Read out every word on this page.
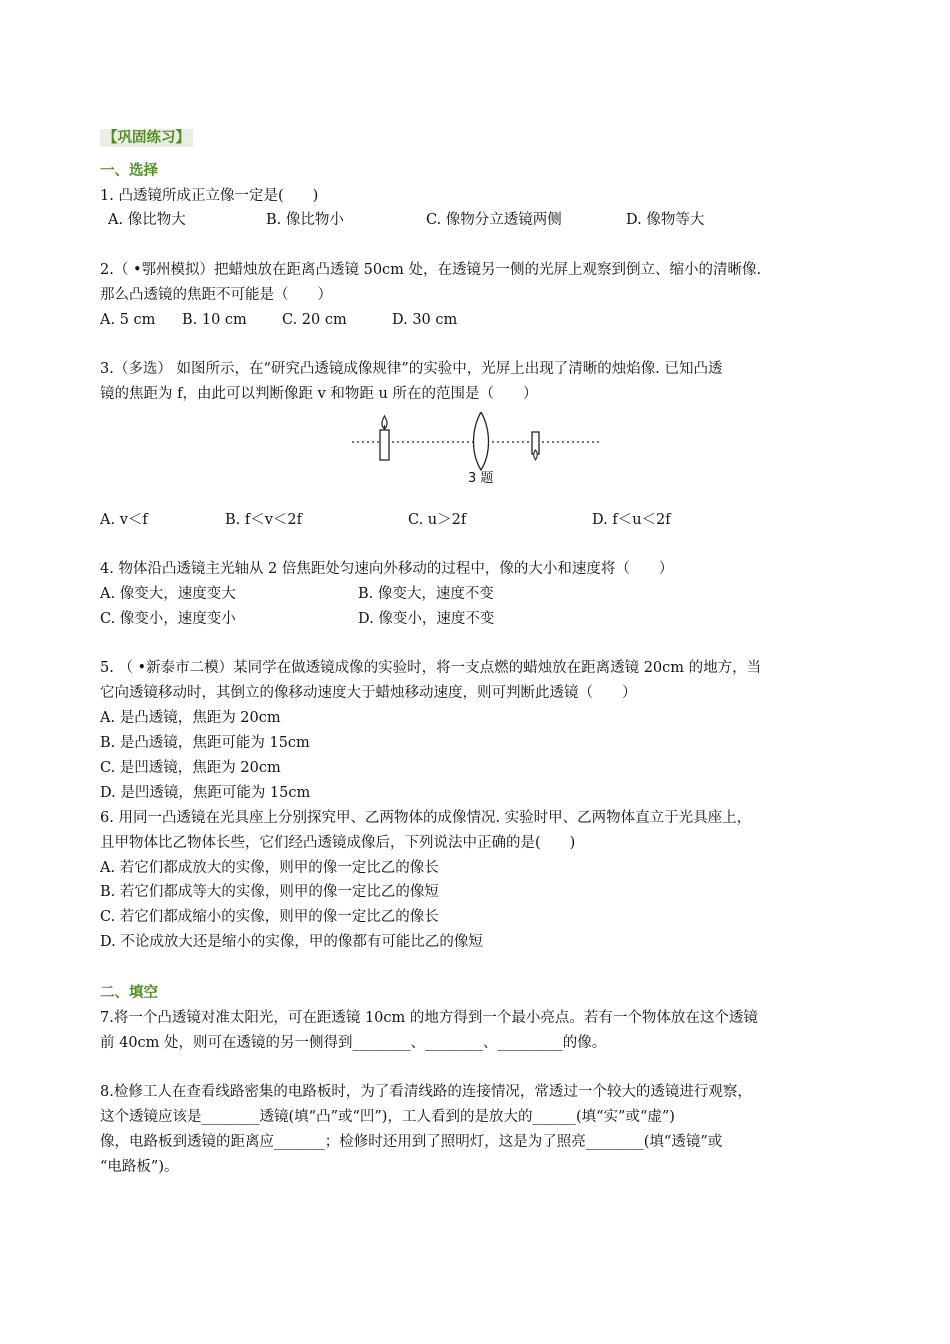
【巩固练习】
一、选择
1. 凸透镜所成正立像一定是(　　)
A. 像比物大	B. 像比物小	C. 像物分立透镜两侧	D. 像物等大
2.（ •鄂州模拟）把蜡烛放在距离凸透镜 50cm 处，在透镜另一侧的光屏上观察到倒立、缩小的清晰像.
那么凸透镜的焦距不可能是（　　）
A. 5 cm B. 10 cm C. 20 cm	D. 30 cm
3.（多选） 如图所示，在“研究凸透镜成像规律”的实验中，光屏上出现了清晰的烛焰像. 已知凸透
镜的焦距为 f，由此可以判断像距 v 和物距 u 所在的范围是（　　）
3 题
A. v＜f	B. f＜v＜2f	C. u＞2f	D. f＜u＜2f
4. 物体沿凸透镜主光轴从 2 倍焦距处匀速向外移动的过程中，像的大小和速度将（　　）
A. 像变大，速度变大	B. 像变大，速度不变
C. 像变小，速度变小	D. 像变小，速度不变
5. （ •新泰市二模）某同学在做透镜成像的实验时，将一支点燃的蜡烛放在距离透镜 20cm 的地方，当
它向透镜移动时，其倒立的像移动速度大于蜡烛移动速度，则可判断此透镜（　　）
A. 是凸透镜，焦距为 20cm
B. 是凸透镜，焦距可能为 15cm
C. 是凹透镜，焦距为 20cm
D. 是凹透镜，焦距可能为 15cm
6. 用同一凸透镜在光具座上分别探究甲、乙两物体的成像情况. 实验时甲、乙两物体直立于光具座上，
且甲物体比乙物体长些，它们经凸透镜成像后，下列说法中正确的是(　　)
A. 若它们都成放大的实像，则甲的像一定比乙的像长
B. 若它们都成等大的实像，则甲的像一定比乙的像短
C. 若它们都成缩小的实像，则甲的像一定比乙的像长
D. 不论成放大还是缩小的实像，甲的像都有可能比乙的像短
二、填空
7.将一个凸透镜对准太阳光，可在距透镜 10cm 的地方得到一个最小亮点。若有一个物体放在这个透镜
前 40cm 处，则可在透镜的另一侧得到________、________、_________的像。
8.检修工人在查看线路密集的电路板时，为了看清线路的连接情况，常透过一个较大的透镜进行观察，
这个透镜应该是________透镜(填“凸”或“凹”)，工人看到的是放大的______(填“实”或“虚”)
像，电路板到透镜的距离应_______；检修时还用到了照明灯，这是为了照亮________(填“透镜”或
“电路板”)。
